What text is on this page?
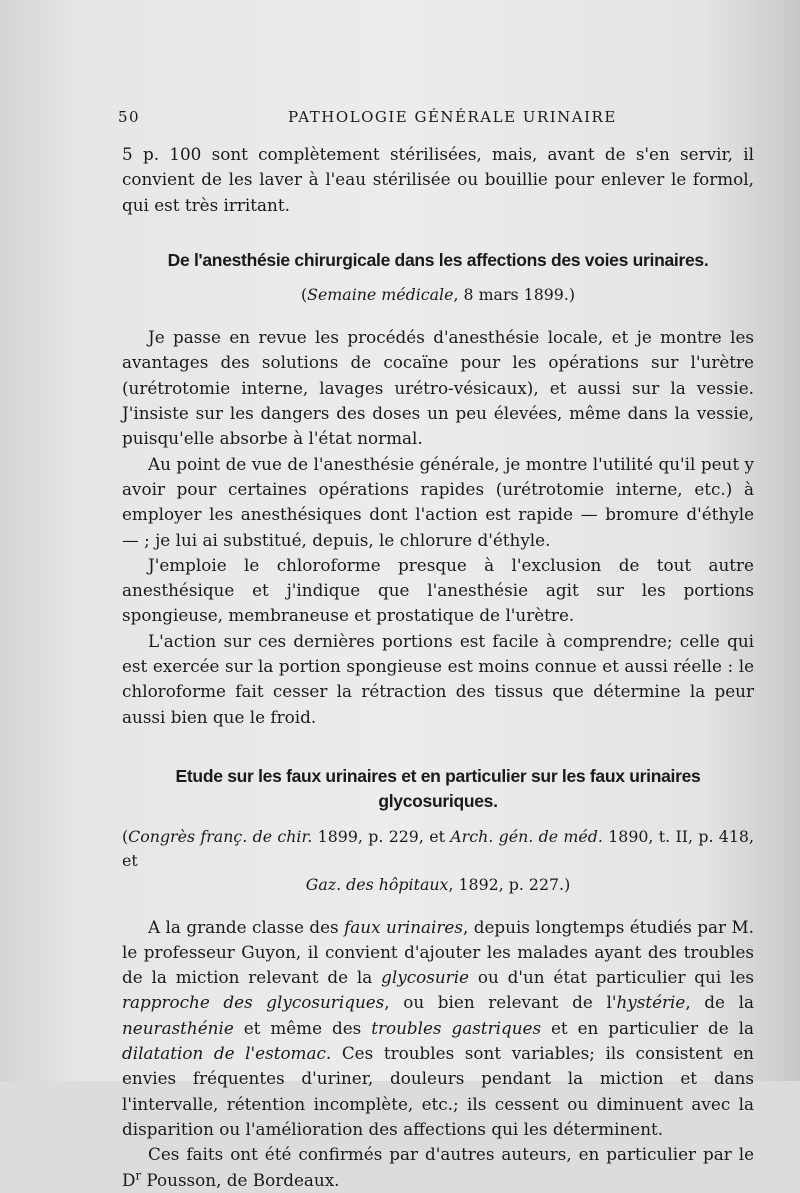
50	PATHOLOGIE GÉNÉRALE URINAIRE

5 p. 100 sont complètement stérilisées, mais, avant de s'en servir, il convient de les laver à l'eau stérilisée ou bouillie pour enlever le formol, qui est très irritant.

De l'anesthésie chirurgicale dans les affections des voies urinaires.

(Semaine médicale, 8 mars 1899.)

Je passe en revue les procédés d'anesthésie locale, et je montre les avantages des solutions de cocaïne pour les opérations sur l'urètre (urétrotomie interne, lavages urétro-vésicaux), et aussi sur la vessie. J'insiste sur les dangers des doses un peu élevées, même dans la vessie, puisqu'elle absorbe à l'état normal.

Au point de vue de l'anesthésie générale, je montre l'utilité qu'il peut y avoir pour certaines opérations rapides (urétrotomie interne, etc.) à employer les anesthésiques dont l'action est rapide — bromure d'éthyle — ; je lui ai substitué, depuis, le chlorure d'éthyle.

J'emploie le chloroforme presque à l'exclusion de tout autre anesthésique et j'indique que l'anesthésie agit sur les portions spongieuse, membraneuse et prostatique de l'urètre.

L'action sur ces dernières portions est facile à comprendre; celle qui est exercée sur la portion spongieuse est moins connue et aussi réelle : le chloroforme fait cesser la rétraction des tissus que détermine la peur aussi bien que le froid.

Etude sur les faux urinaires et en particulier sur les faux urinaires glycosuriques.

(Congrès franç. de chir. 1899, p. 229, et Arch. gén. de méd. 1890, t. II, p. 418, et

Gaz. des hôpitaux, 1892, p. 227.)

A la grande classe des faux urinaires, depuis longtemps étudiés par M. le professeur Guyon, il convient d'ajouter les malades ayant des troubles de la miction relevant de la glycosurie ou d'un état particulier qui les rapproche des glycosuriques, ou bien relevant de l'hystérie, de la neurasthénie et même des troubles gastriques et en particulier de la dilatation de l'estomac. Ces troubles sont variables; ils consistent en envies fréquentes d'uriner, douleurs pendant la miction et dans l'intervalle, rétention incomplète, etc.; ils cessent ou diminuent avec la disparition ou l'amélioration des affections qui les déterminent.

Ces faits ont été confirmés par d'autres auteurs, en particulier par le $D^r$ Pousson, de Bordeaux.
